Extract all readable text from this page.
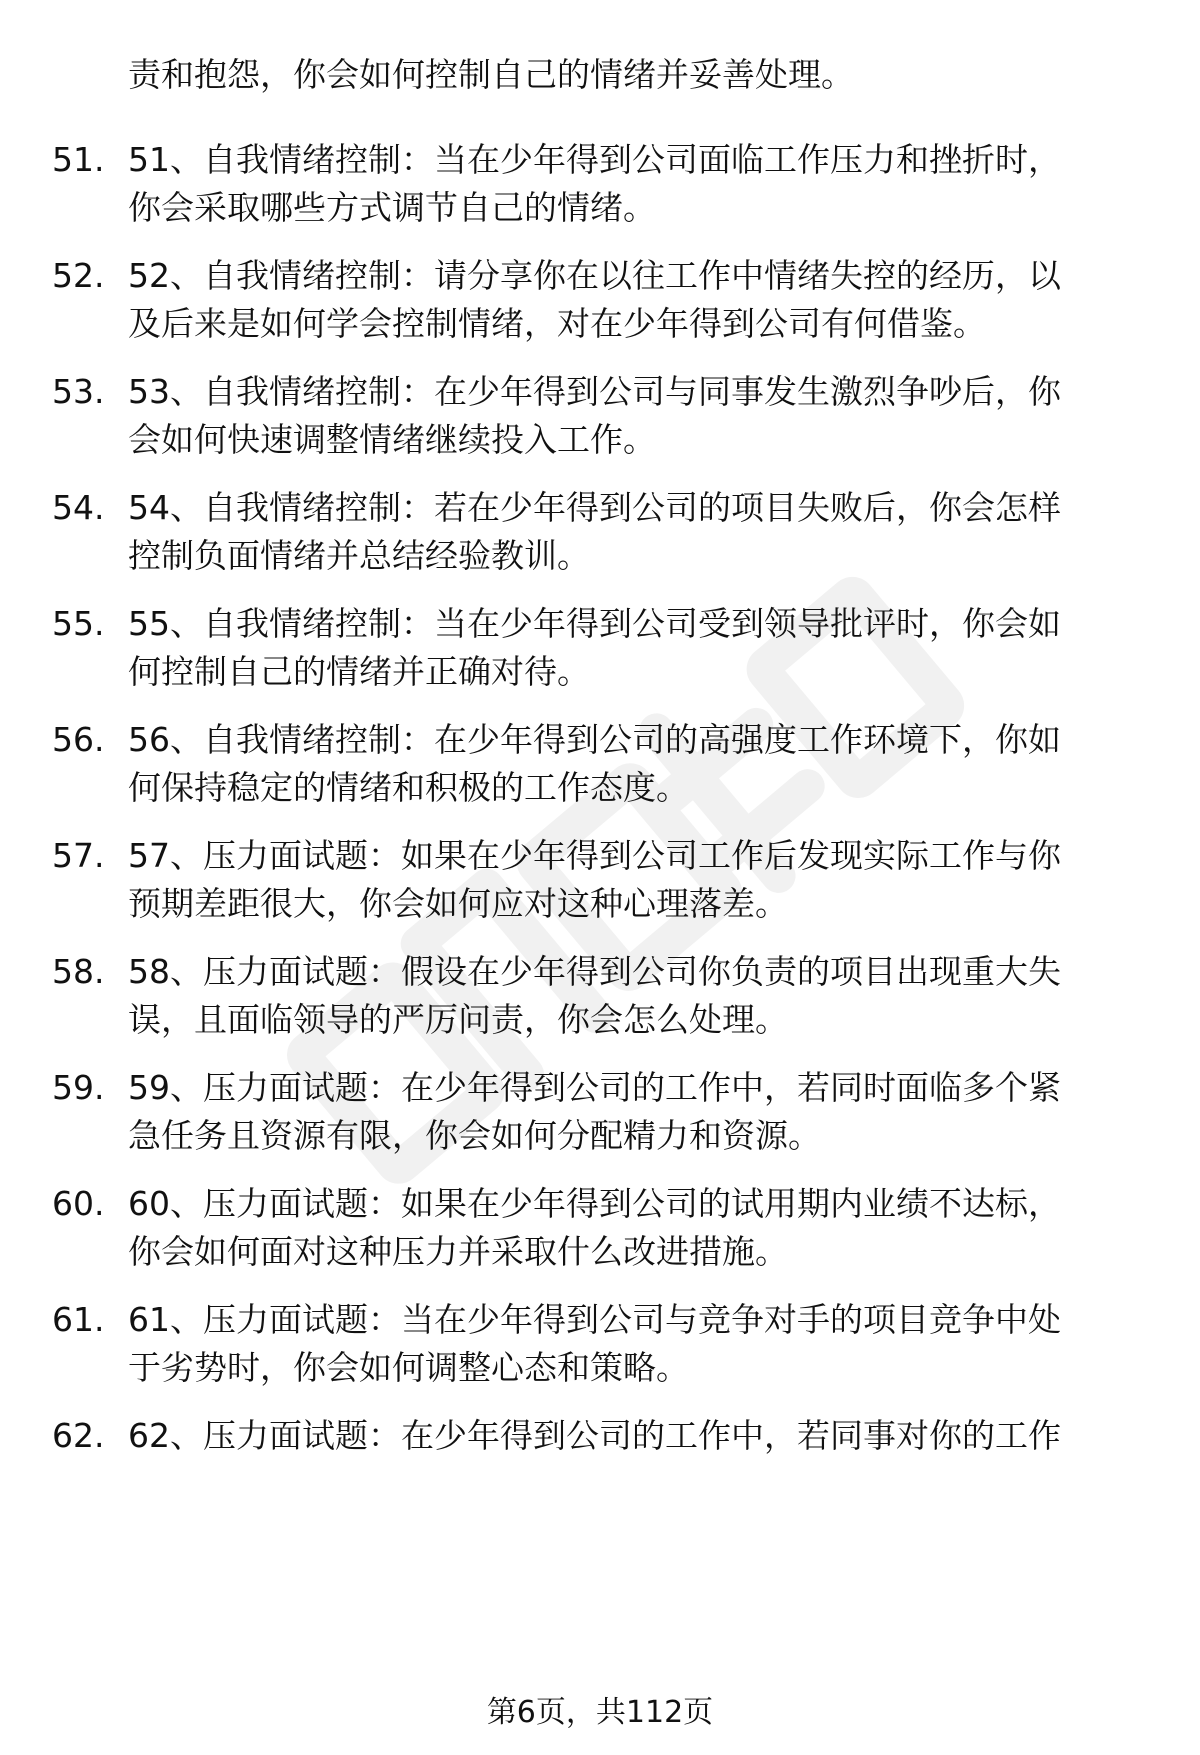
责和抱怨，你会如何控制自己的情绪并妥善处理。
51. 51、自我情绪控制：当在少年得到公司面临工作压力和挫折时，
你会采取哪些方式调节自己的情绪。
52. 52、自我情绪控制：请分享你在以往工作中情绪失控的经历，以
及后来是如何学会控制情绪，对在少年得到公司有何借鉴。
53. 53、自我情绪控制：在少年得到公司与同事发生激烈争吵后，你
会如何快速调整情绪继续投入工作。
54. 54、自我情绪控制：若在少年得到公司的项目失败后，你会怎样
控制负面情绪并总结经验教训。
55. 55、自我情绪控制：当在少年得到公司受到领导批评时，你会如
何控制自己的情绪并正确对待。
56. 56、自我情绪控制：在少年得到公司的高强度工作环境下，你如
何保持稳定的情绪和积极的工作态度。
57. 57、压力面试题：如果在少年得到公司工作后发现实际工作与你
预期差距很大，你会如何应对这种心理落差。
58. 58、压力面试题：假设在少年得到公司你负责的项目出现重大失
误，且面临领导的严厉问责，你会怎么处理。
59. 59、压力面试题：在少年得到公司的工作中，若同时面临多个紧
急任务且资源有限，你会如何分配精力和资源。
60. 60、压力面试题：如果在少年得到公司的试用期内业绩不达标，
你会如何面对这种压力并采取什么改进措施。
61. 61、压力面试题：当在少年得到公司与竞争对手的项目竞争中处
于劣势时，你会如何调整心态和策略。
62. 62、压力面试题：在少年得到公司的工作中，若同事对你的工作
第6页，共112页
